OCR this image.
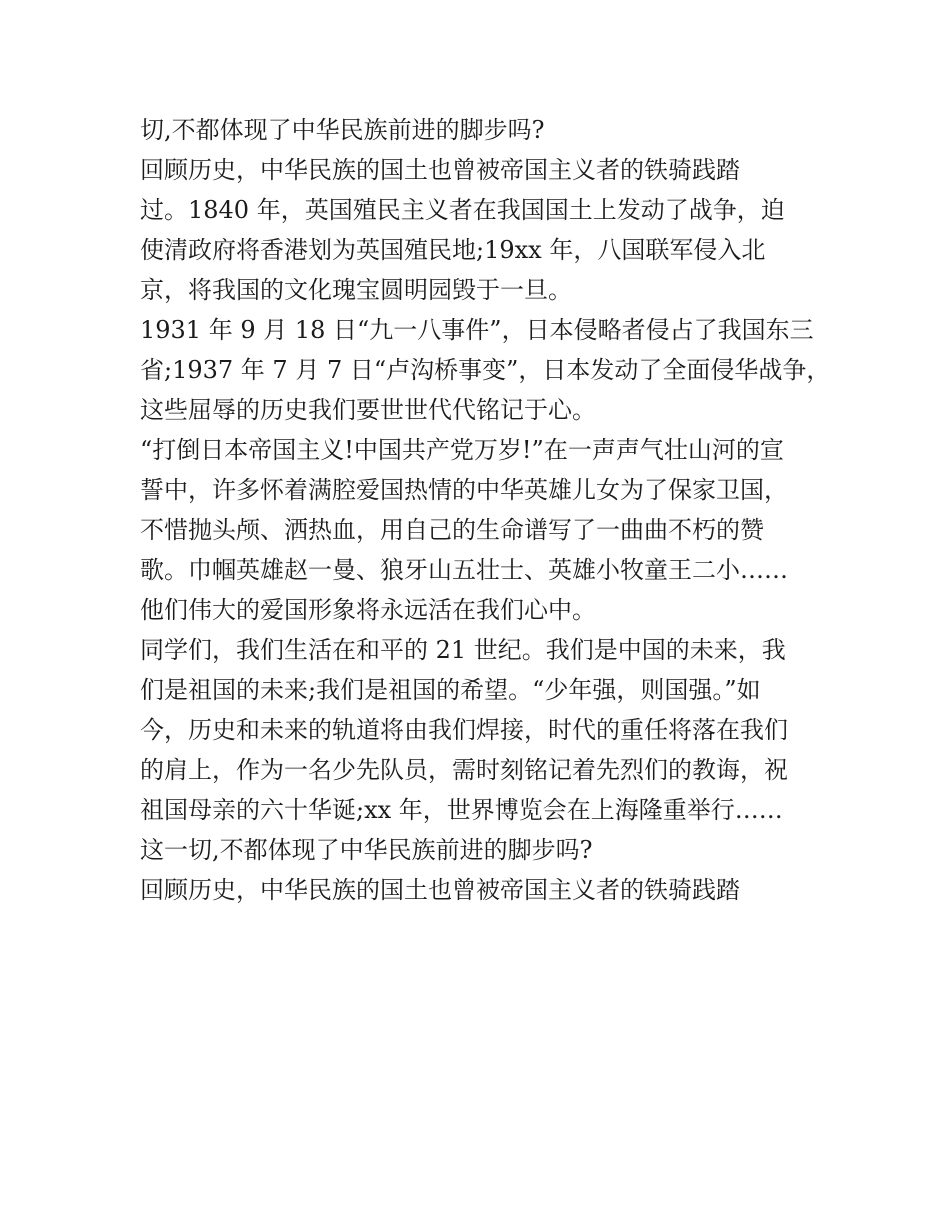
切,不都体现了中华民族前进的脚步吗?
回顾历史，中华民族的国土也曾被帝国主义者的铁骑践踏
过。1840 年，英国殖民主义者在我国国土上发动了战争，迫
使清政府将香港划为英国殖民地;19xx 年，八国联军侵入北
京，将我国的文化瑰宝圆明园毁于一旦。
1931 年 9 月 18 日“九一八事件”，日本侵略者侵占了我国东三
省;1937 年 7 月 7 日“卢沟桥事变”，日本发动了全面侵华战争，
这些屈辱的历史我们要世世代代铭记于心。
“打倒日本帝国主义!中国共产党万岁!”在一声声气壮山河的宣
誓中，许多怀着满腔爱国热情的中华英雄儿女为了保家卫国，
不惜抛头颅、洒热血，用自己的生命谱写了一曲曲不朽的赞
歌。巾帼英雄赵一曼、狼牙山五壮士、英雄小牧童王二小……
他们伟大的爱国形象将永远活在我们心中。
同学们，我们生活在和平的 21 世纪。我们是中国的未来，我
们是祖国的未来;我们是祖国的希望。“少年强，则国强。”如
今，历史和未来的轨道将由我们焊接，时代的重任将落在我们
的肩上，作为一名少先队员，需时刻铭记着先烈们的教诲，祝
祖国母亲的六十华诞;xx 年，世界博览会在上海隆重举行……
这一切,不都体现了中华民族前进的脚步吗?
回顾历史，中华民族的国土也曾被帝国主义者的铁骑践踏
